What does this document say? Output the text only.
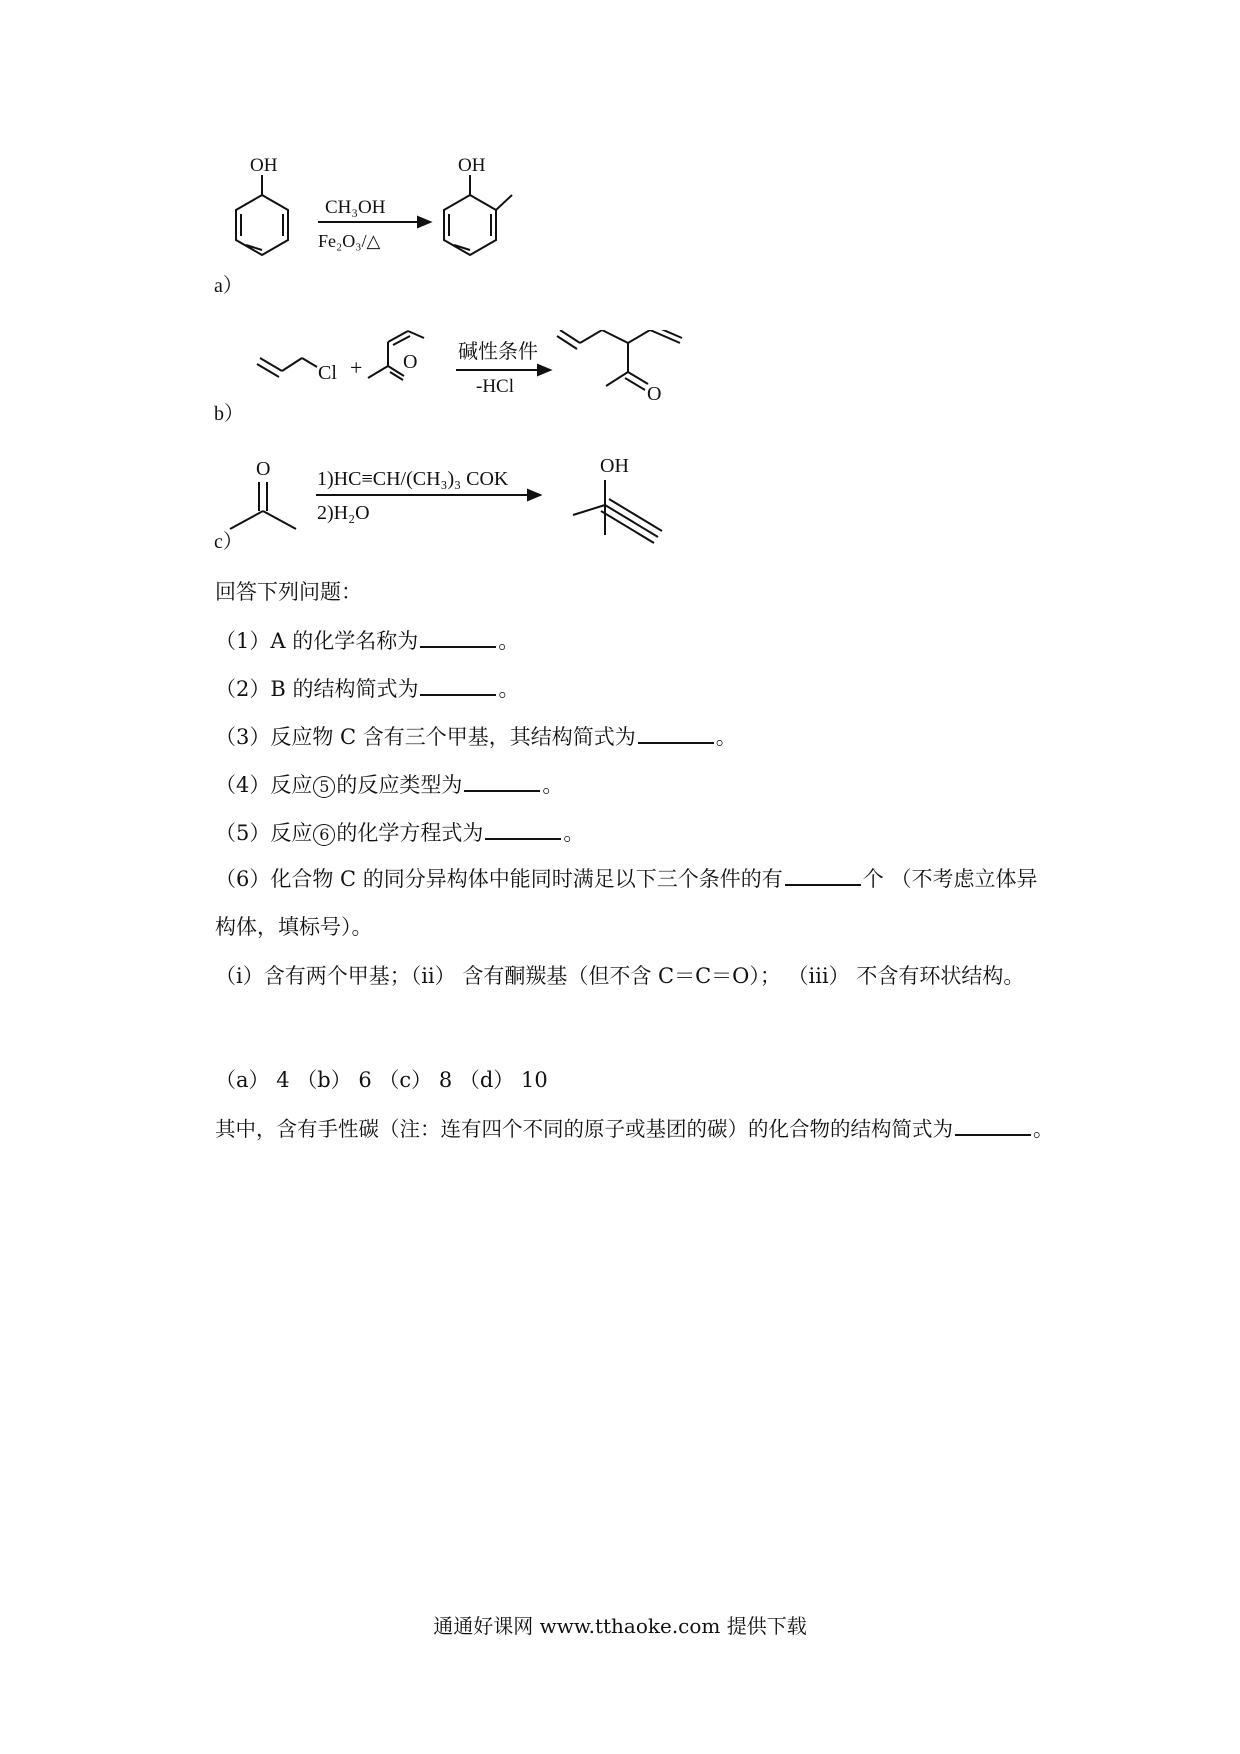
a）
OH
CH₃OH
Fe₂O₃/△
OH
b）
Cl + O 碱性条件
-HCl	O
c）
O 1)HC≡CH/(CH₃)₃ COK
2)H₂O
OH
回答下列问题：
（1）A 的化学名称为	。
（2）B 的结构简式为	。
（3）反应物 C 含有三个甲基，其结构简式为	。
（4）反应 5 的反应类型为	。
（5）反应 6 的化学方程式为	。
（6）化合物 C 的同分异构体中能同时满足以下三个条件的有	个 （不考虑立体异构体，填标号）。
（ⅰ）含有两个甲基；（ⅱ） 含有酮羰基（但不含 C＝C＝O）； （ⅲ） 不含有环状结构。
（a） 4 （b） 6 （c） 8 （d） 10
其中，含有手性碳（注：连有四个不同的原子或基团的碳）的化合物的结构简式为	。
通通好课网 www.tthaoke.com 提供下载
